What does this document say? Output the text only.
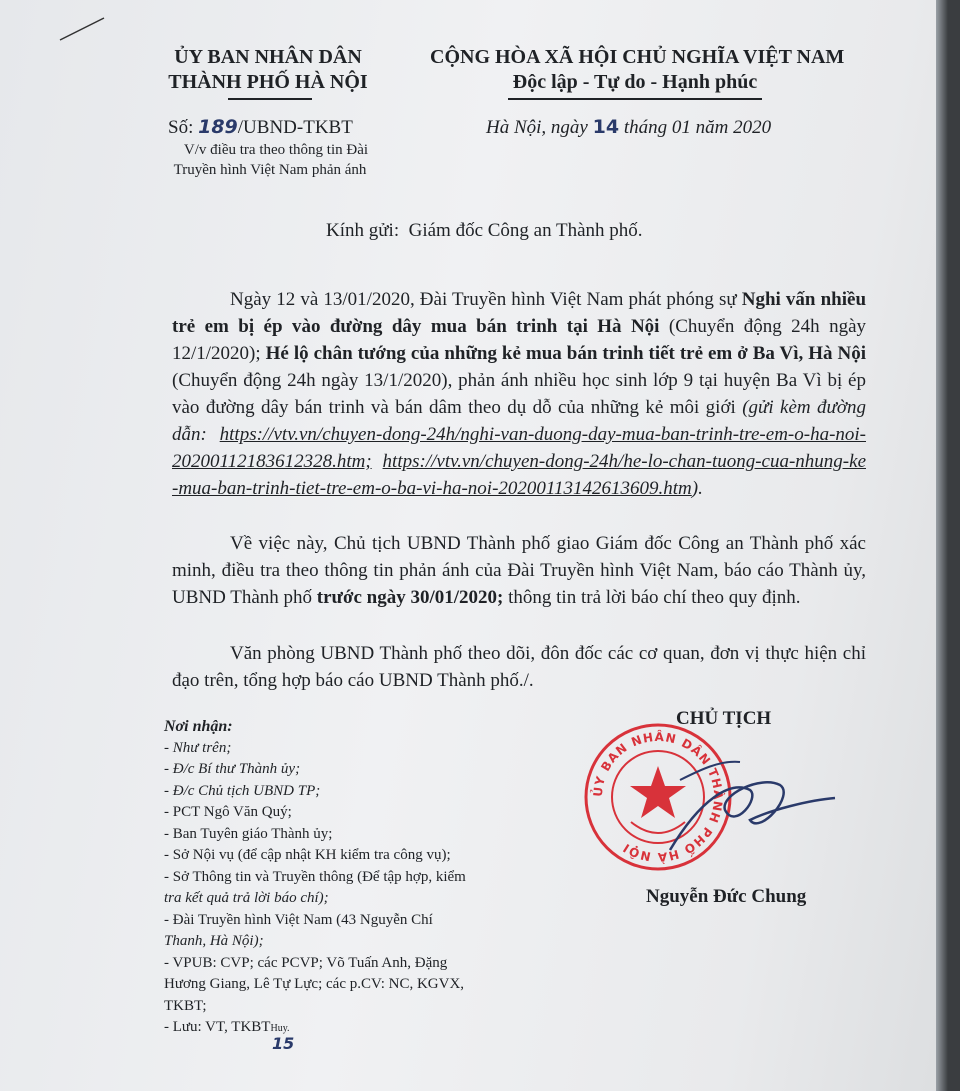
ỦY BAN NHÂN DÂN
THÀNH PHỐ HÀ NỘI
CỘNG HÒA XÃ HỘI CHỦ NGHĨA VIỆT NAM
Độc lập - Tự do - Hạnh phúc
Số: 189/UBND-TKBT
V/v điều tra theo thông tin Đài
Truyền hình Việt Nam phản ánh
Hà Nội, ngày 14 tháng 01 năm 2020
Kính gửi:  Giám đốc Công an Thành phố.
Ngày 12 và 13/01/2020, Đài Truyền hình Việt Nam phát phóng sự Nghi vấn nhiều trẻ em bị ép vào đường dây mua bán trinh tại Hà Nội (Chuyển động 24h ngày 12/1/2020); Hé lộ chân tướng của những kẻ mua bán trinh tiết trẻ em ở Ba Vì, Hà Nội (Chuyển động 24h ngày 13/1/2020), phản ánh nhiều học sinh lớp 9 tại huyện Ba Vì bị ép vào đường dây bán trinh và bán dâm theo dụ dỗ của những kẻ môi giới (gửi kèm đường dẫn: https://vtv.vn/chuyen-dong-24h/nghi-van-duong-day-mua-ban-trinh-tre-em-o-ha-noi-20200112183612328.htm; https://vtv.vn/chuyen-dong-24h/he-lo-chan-tuong-cua-nhung-ke-mua-ban-trinh-tiet-tre-em-o-ba-vi-ha-noi-20200113142613609.htm).
Về việc này, Chủ tịch UBND Thành phố giao Giám đốc Công an Thành phố xác minh, điều tra theo thông tin phản ánh của Đài Truyền hình Việt Nam, báo cáo Thành ủy, UBND Thành phố trước ngày 30/01/2020; thông tin trả lời báo chí theo quy định.
Văn phòng UBND Thành phố theo dõi, đôn đốc các cơ quan, đơn vị thực hiện chỉ đạo trên, tổng hợp báo cáo UBND Thành phố./.
Nơi nhận:
- Như trên;
- Đ/c Bí thư Thành ủy;
- Đ/c Chủ tịch UBND TP;
- PCT Ngô Văn Quý;
- Ban Tuyên giáo Thành ủy;
- Sở Nội vụ (để cập nhật KH kiểm tra công vụ);
- Sở Thông tin và Truyền thông (Để tập hợp, kiểm
tra kết quả trả lời báo chí);
- Đài Truyền hình Việt Nam (43 Nguyễn Chí
Thanh, Hà Nội);
- VPUB: CVP; các PCVP; Võ Tuấn Anh, Đặng
Hương Giang, Lê Tự Lực; các p.CV: NC, KGVX,
TKBT;
- Lưu: VT, TKBTHuy.
15
CHỦ TỊCH
ỦY BAN NHÂN DÂN THÀNH PHỐ HÀ NỘI
Nguyễn Đức Chung
